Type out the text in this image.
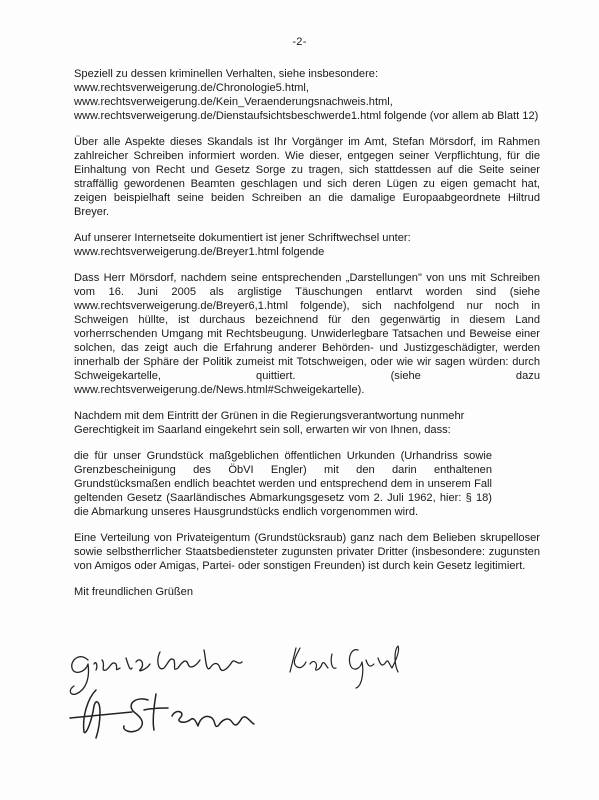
-2-

Speziell zu dessen kriminellen Verhalten, siehe insbesondere:
www.rechtsverweigerung.de/Chronologie5.html,
www.rechtsverweigerung.de/Kein_Veraenderungsnachweis.html,
www.rechtsverweigerung.de/Dienstaufsichtsbeschwerde1.html folgende (vor allem ab Blatt 12)

Über alle Aspekte dieses Skandals ist Ihr Vorgänger im Amt, Stefan Mörsdorf, im Rahmen zahlreicher Schreiben informiert worden. Wie dieser, entgegen seiner Verpflichtung, für die Einhaltung von Recht und Gesetz Sorge zu tragen, sich stattdessen auf die Seite seiner straffällig gewordenen Beamten geschlagen und sich deren Lügen zu eigen gemacht hat, zeigen beispielhaft seine beiden Schreiben an die damalige Europaabgeordnete Hiltrud Breyer.

Auf unserer Internetseite dokumentiert ist jener Schriftwechsel unter:
www.rechtsverweigerung.de/Breyer1.html folgende

Dass Herr Mörsdorf, nachdem seine entsprechenden „Darstellungen" von uns mit Schreiben vom 16. Juni 2005 als arglistige Täuschungen entlarvt worden sind (siehe www.rechtsverweigerung.de/Breyer6,1.html folgende), sich nachfolgend nur noch in Schweigen hüllte, ist durchaus bezeichnend für den gegenwärtig in diesem Land vorherrschenden Umgang mit Rechtsbeugung. Unwiderlegbare Tatsachen und Beweise einer solchen, das zeigt auch die Erfahrung anderer Behörden- und Justizgeschädigter, werden innerhalb der Sphäre der Politik zumeist mit Totschweigen, oder wie wir sagen würden: durch Schweigekartelle, quittiert. (siehe dazu www.rechtsverweigerung.de/News.html#Schweigekartelle).

Nachdem mit dem Eintritt der Grünen in die Regierungsverantwortung nunmehr
Gerechtigkeit im Saarland eingekehrt sein soll, erwarten wir von Ihnen, dass:

die für unser Grundstück maßgeblichen öffentlichen Urkunden (Urhandriss sowie Grenzbescheinigung des ÖbVI Engler) mit den darin enthaltenen Grundstücksmaßen endlich beachtet werden und entsprechend dem in unserem Fall geltenden Gesetz (Saarländisches Abmarkungsgesetz vom 2. Juli 1962, hier: § 18) die Abmarkung unseres Hausgrundstücks endlich vorgenommen wird.

Eine Verteilung von Privateigentum (Grundstücksraub) ganz nach dem Belieben skrupelloser sowie selbstherrlicher Staatsbediensteter zugunsten privater Dritter (insbesondere: zugunsten von Amigos oder Amigas, Partei- oder sonstigen Freunden) ist durch kein Gesetz legitimiert.

Mit freundlichen Grüßen
